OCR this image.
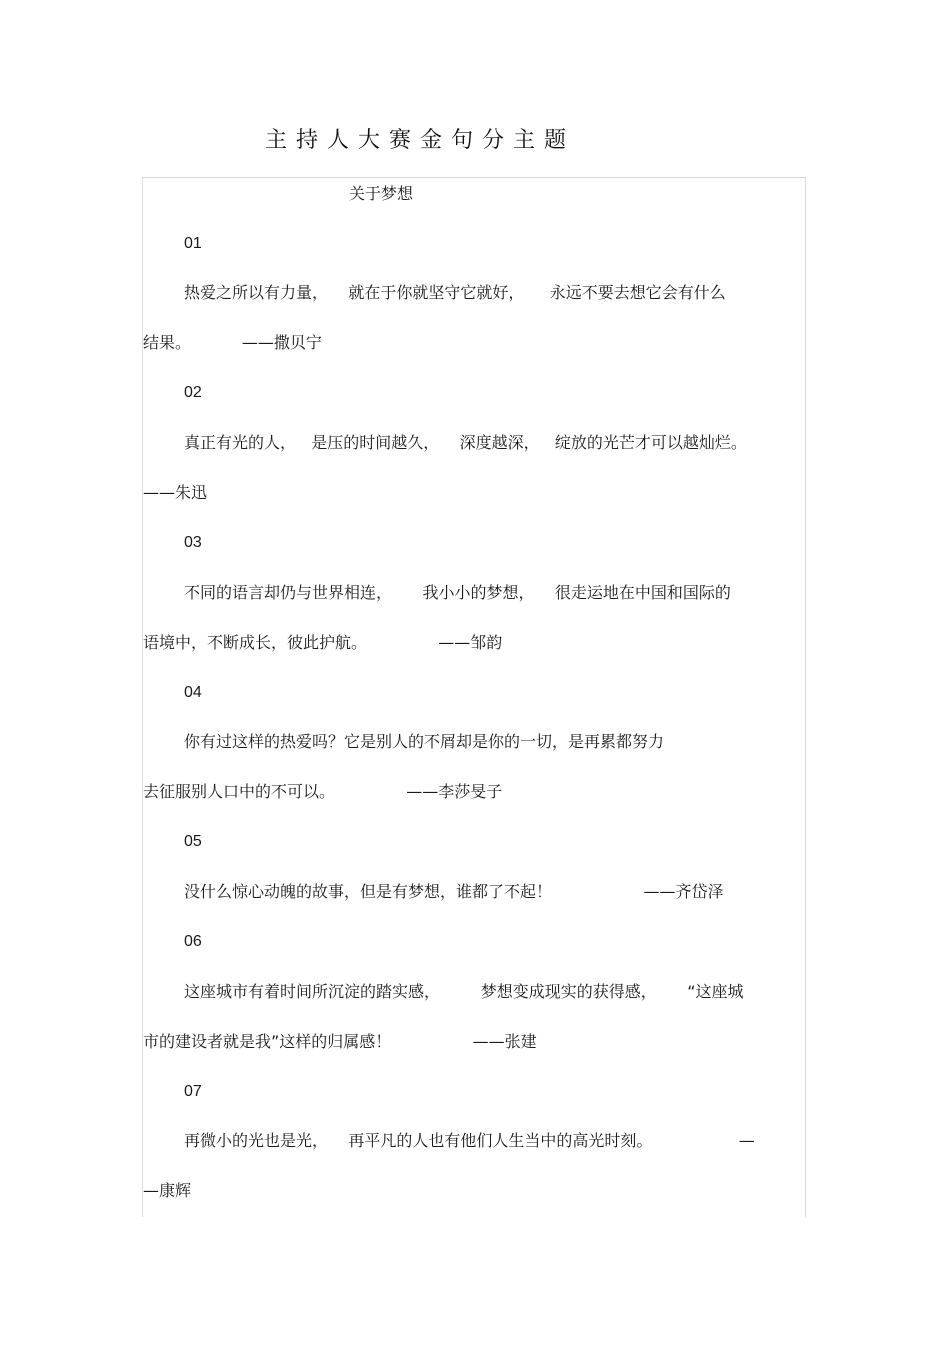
主持人大赛金句分主题
关于梦想
01
热爱之所以有力量，    就在于你就坚守它就好，     永远不要去想它会有什么
结果。          ——撒贝宁
02
真正有光的人，   是压的时间越久，    深度越深，   绽放的光芒才可以越灿烂。
——朱迅
03
不同的语言却仍与世界相连，      我小小的梦想，    很走运地在中国和国际的
语境中，不断成长，彼此护航。              ——邹韵
04
你有过这样的热爱吗？它是别人的不屑却是你的一切，是再累都努力
去征服别人口中的不可以。              ——李莎旻子
05
没什么惊心动魄的故事，但是有梦想，谁都了不起！                  ——齐岱泽
06
这座城市有着时间所沉淀的踏实感，        梦想变成现实的获得感，      “这座城
市的建设者就是我”这样的归属感！                ——张建
07
再微小的光也是光，    再平凡的人也有他们人生当中的高光时刻。                 —
—康辉
